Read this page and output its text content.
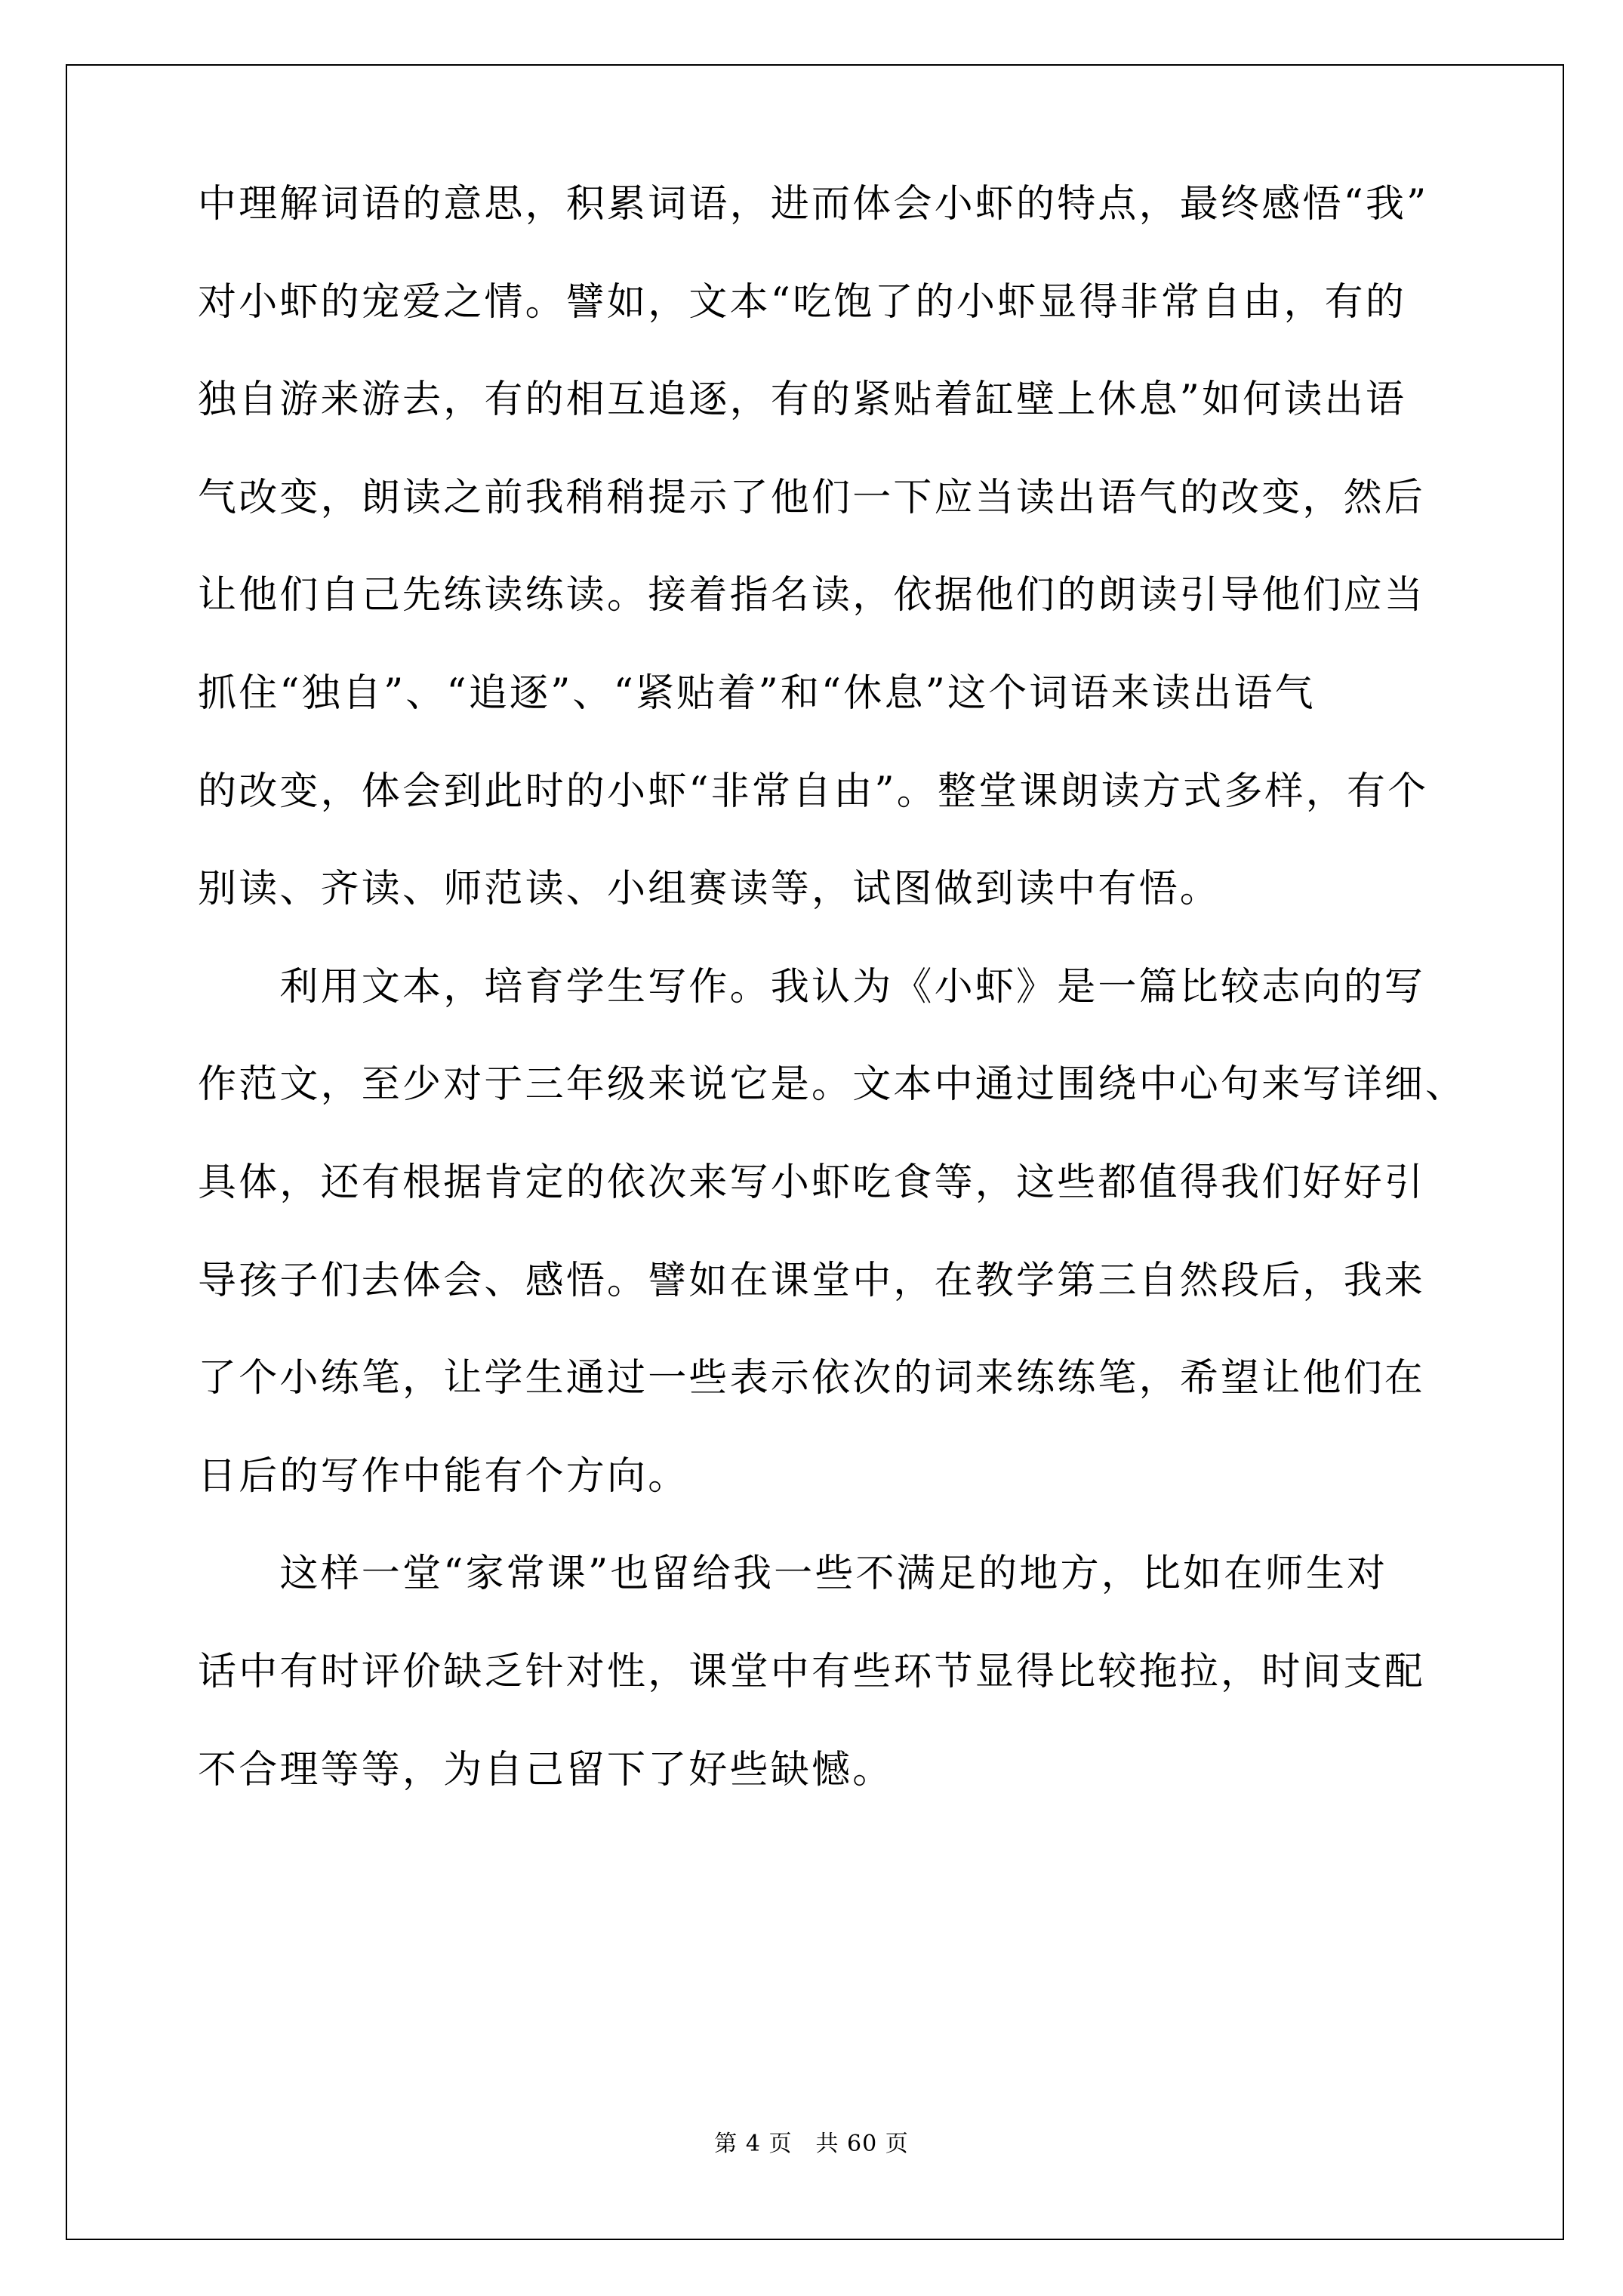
中理解词语的意思，积累词语，进而体会小虾的特点，最终感悟“我”
对小虾的宠爱之情。譬如，文本“吃饱了的小虾显得非常自由，有的
独自游来游去，有的相互追逐，有的紧贴着缸壁上休息”如何读出语
气改变，朗读之前我稍稍提示了他们一下应当读出语气的改变，然后
让他们自己先练读练读。接着指名读，依据他们的朗读引导他们应当
抓住“独自”、“追逐”、“紧贴着”和“休息”这个词语来读出语气
的改变，体会到此时的小虾“非常自由”。整堂课朗读方式多样，有个
别读、齐读、师范读、小组赛读等，试图做到读中有悟。
　　利用文本，培育学生写作。我认为《小虾》是一篇比较志向的写
作范文，至少对于三年级来说它是。文本中通过围绕中心句来写详细、
具体，还有根据肯定的依次来写小虾吃食等，这些都值得我们好好引
导孩子们去体会、感悟。譬如在课堂中，在教学第三自然段后，我来
了个小练笔，让学生通过一些表示依次的词来练练笔，希望让他们在
日后的写作中能有个方向。
　　这样一堂“家常课”也留给我一些不满足的地方，比如在师生对
话中有时评价缺乏针对性，课堂中有些环节显得比较拖拉，时间支配
不合理等等，为自己留下了好些缺憾。
第 4 页　共 60 页
